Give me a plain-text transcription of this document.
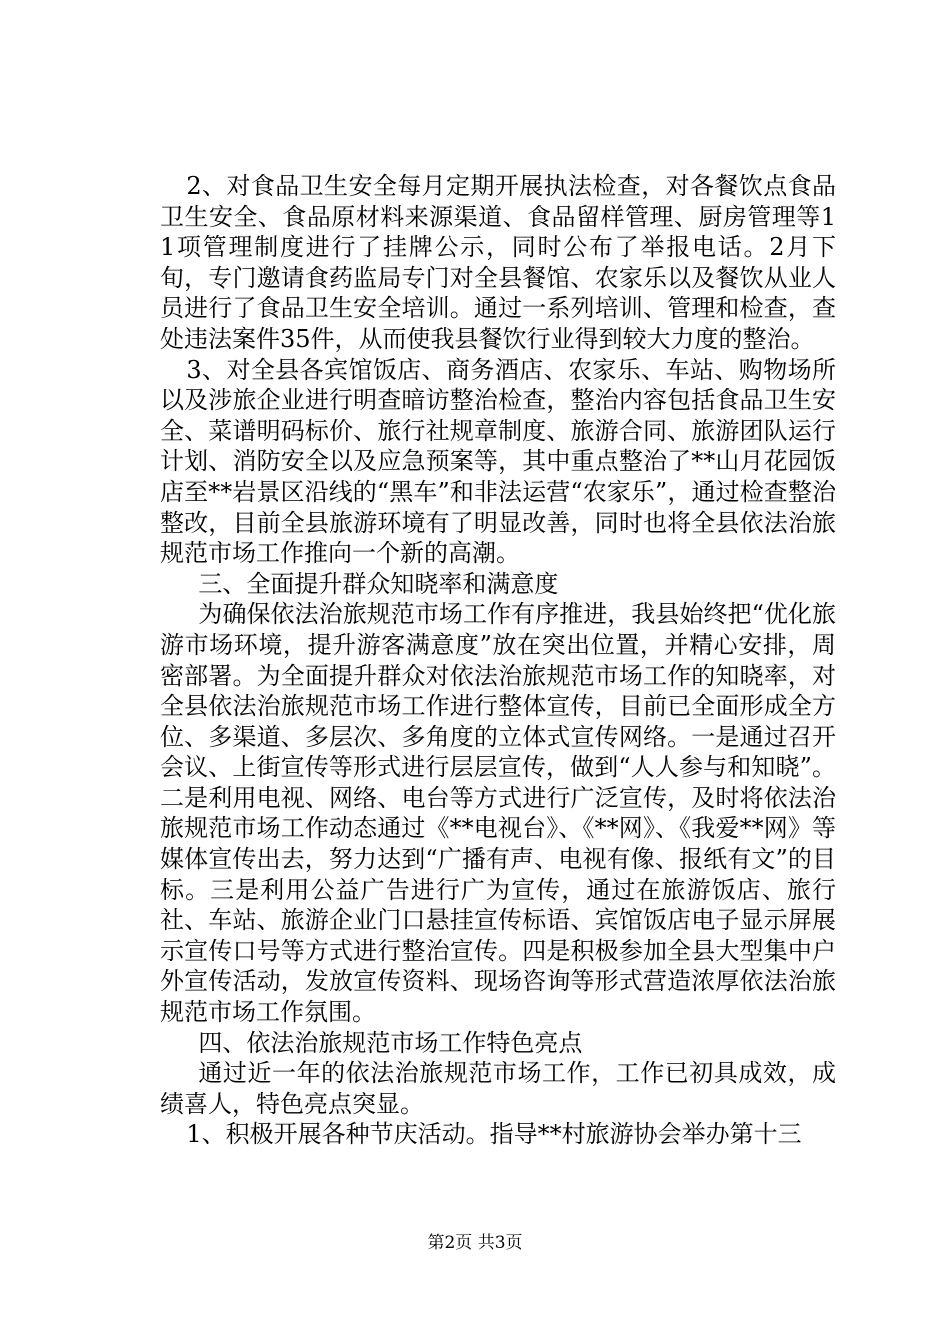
2、对食品卫生安全每月定期开展执法检查，对各餐饮点食品卫生安全、食品原材料来源渠道、食品留样管理、厨房管理等11项管理制度进行了挂牌公示，同时公布了举报电话。2月下旬，专门邀请食药监局专门对全县餐馆、农家乐以及餐饮从业人员进行了食品卫生安全培训。通过一系列培训、管理和检查，查处违法案件35件，从而使我县餐饮行业得到较大力度的整治。

3、对全县各宾馆饭店、商务酒店、农家乐、车站、购物场所以及涉旅企业进行明查暗访整治检查，整治内容包括食品卫生安全、菜谱明码标价、旅行社规章制度、旅游合同、旅游团队运行计划、消防安全以及应急预案等，其中重点整治了**山月花园饭店至**岩景区沿线的“黑车”和非法运营“农家乐”，通过检查整治整改，目前全县旅游环境有了明显改善，同时也将全县依法治旅规范市场工作推向一个新的高潮。

三、全面提升群众知晓率和满意度

为确保依法治旅规范市场工作有序推进，我县始终把“优化旅游市场环境，提升游客满意度”放在突出位置，并精心安排，周密部署。为全面提升群众对依法治旅规范市场工作的知晓率，对全县依法治旅规范市场工作进行整体宣传，目前已全面形成全方位、多渠道、多层次、多角度的立体式宣传网络。一是通过召开会议、上街宣传等形式进行层层宣传，做到“人人参与和知晓”。二是利用电视、网络、电台等方式进行广泛宣传，及时将依法治旅规范市场工作动态通过《**电视台》、《**网》、《我爱**网》等媒体宣传出去，努力达到“广播有声、电视有像、报纸有文”的目标。三是利用公益广告进行广为宣传，通过在旅游饭店、旅行社、车站、旅游企业门口悬挂宣传标语、宾馆饭店电子显示屏展示宣传口号等方式进行整治宣传。四是积极参加全县大型集中户外宣传活动，发放宣传资料、现场咨询等形式营造浓厚依法治旅规范市场工作氛围。

四、依法治旅规范市场工作特色亮点

通过近一年的依法治旅规范市场工作，工作已初具成效，成绩喜人，特色亮点突显。

1、积极开展各种节庆活动。指导**村旅游协会举办第十三

第2页 共3页
